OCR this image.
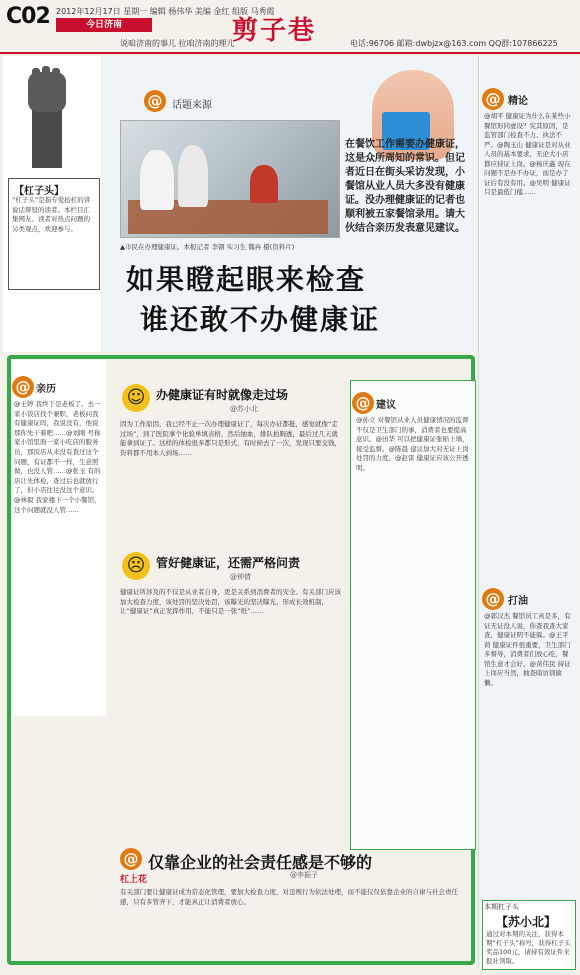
C02 2012年12月17日 星期一 编辑 杨伟华 美编 金红 组版 马秀霞
今日济南
说咱济南的事儿 拉咱济南的理儿
剪子巷	电话:96706 邮箱:dwbjzx@163.com QQ群:107866225
【杠子头】
“杠子头”是指专爱抬杠的讲说话辩驳的读者。本栏目汇集网友、读者对热点问题的另类观点，欢迎参与。
@ 话题来源
▲市民在办理健康证。本报记者 李钢 实习生 魏冉 摄(资料片)
在餐饮工作需要办健康证，这是众所周知的常识。但记者近日在街头采访发现，小餐馆从业人员大多没有健康证。没办理健康证的记者也顺利被五家餐馆录用。请大伙结合亲历发表意见建议。
如果瞪起眼来检查
谁还敢不办健康证
@ 精论
@胡平 健康证为什么在某些小餐馆形同虚设？究其原因，是监管部门检查不力、执法不严。@陶玉山 健康证是对从业人员的基本要求，无论大小店都应持证上岗。@杨庆鑫 现在问题不是办不办证，而是办了证后有没有用。@吴明 健康证只是最低门槛……
@ 打油
@郭汉杰 餐馆员工真是多，有证无证没人说，你查我查大家查，健康证明不能躲。@王平荷 健康证件很重要，卫生部门多督导，消费者们放心吃，餐馆生意才会好。@黄伟民 持证上岗应当然，抽查暗访别偷懒。
@ 亲历
@王婷 我终于是老板了。去一家小饭店找个兼职，老板问我有健康证吗，我说没有，他说那你先干着吧……@刘刚 号称家小馆里面一家小吃店的服务员，那饭店从来没有查过这个问题，有证都不一样，生意照做，也没人管……@张玉 有的店让先体检，查过后也就放行了，但小店往往没这个意识。@林毅 我家楼下一个小餐馆，这个问题就没人管……
☺ 办健康证有时就像走过场
@苏小北
因为工作原因，我已经不止一次办理健康证了，每次办证都挺，感觉就像“走过场”，到了医院拿个化验单填表格，然后抽血，排队拍胸透，最后过几天就能拿到证了。这样的体检很多都只是形式，有时候去了一次，发现只要交钱，资料都不用本人到场……
☹ 管好健康证，还需严格问责
@钟倩
健康证所涉及的不仅是从业者自身，更是关系到消费者的安全。有关部门应该加大检查力度，该处罚的坚决处罚，该曝光的坚决曝光，形成长效机制，让“健康证”真正发挥作用，不能只是一张“纸”……
@ 建议
@孙立 对餐馆从业人员健康情况的监督不仅是卫生部门的事，消费者也要提高意识。@田华 可以把健康证张贴上墙，接受监督。@陈晨 建议加大对无证上岗处罚的力度。@赵雷 健康证应该公开透明。
@ 仅靠企业的社会责任感是不够的
@李振子
杠上花
有关部门要让健康证成为常态化管理，要加大检查力度，对违规行为依法处理，而不能仅仅依靠企业的自律与社会责任感，只有多管齐下，才能真正让消费者放心。
本期杠子头
【苏小北】
通过对本期的关注，获得本期“杠子头”称号，获得杠子头奖品100元，请持有效证件来报社领取。
